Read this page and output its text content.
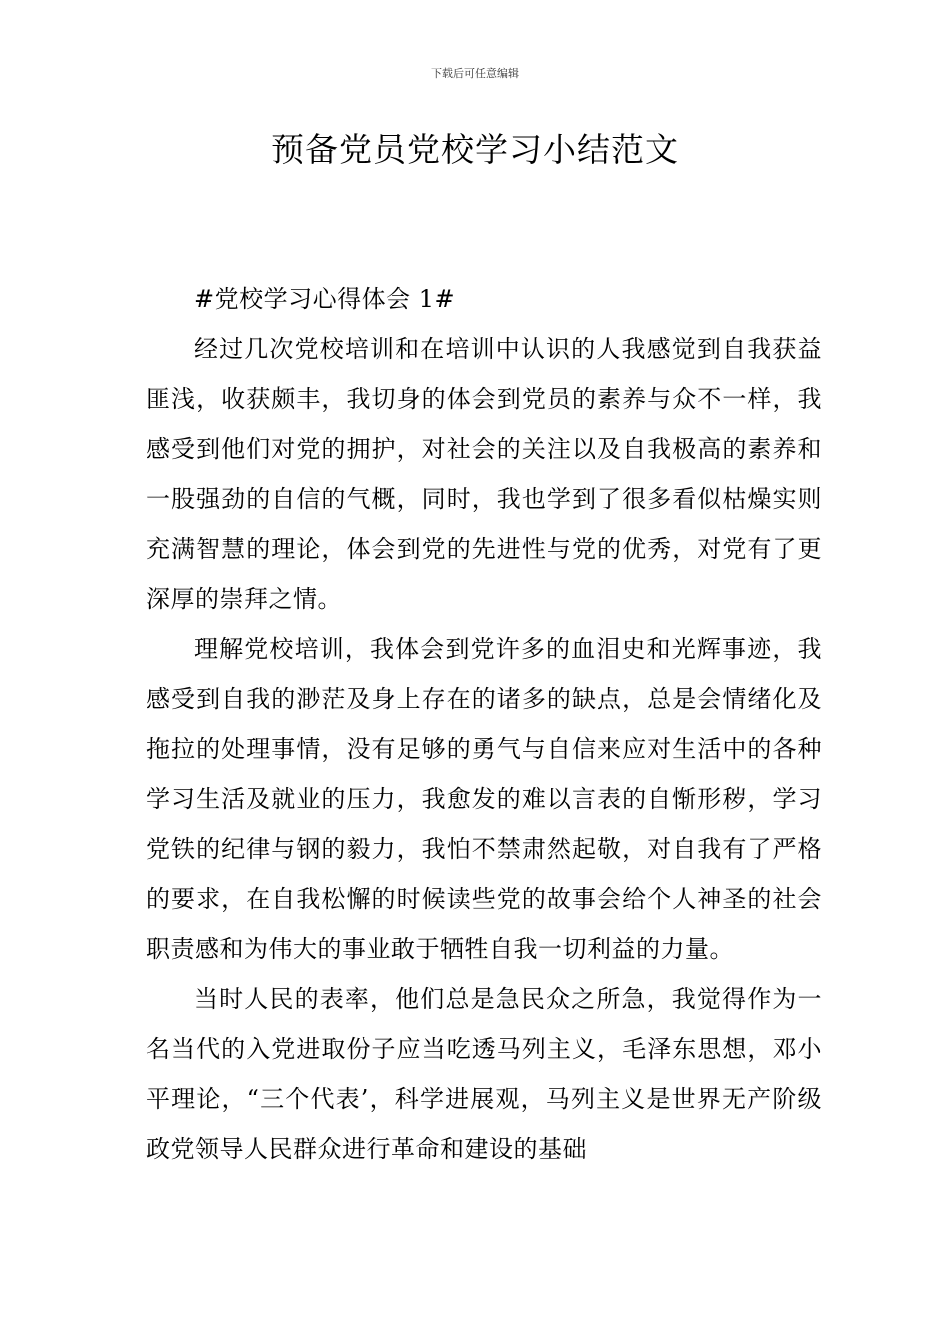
下载后可任意编辑
预备党员党校学习小结范文

#党校学习心得体会 1#

经过几次党校培训和在培训中认识的人我感觉到自我获益匪浅，收获颇丰，我切身的体会到党员的素养与众不一样，我感受到他们对党的拥护，对社会的关注以及自我极高的素养和一股强劲的自信的气概，同时，我也学到了很多看似枯燥实则充满智慧的理论，体会到党的先进性与党的优秀，对党有了更深厚的崇拜之情。

理解党校培训，我体会到党许多的血泪史和光辉事迹，我感受到自我的渺茫及身上存在的诸多的缺点，总是会情绪化及拖拉的处理事情，没有足够的勇气与自信来应对生活中的各种学习生活及就业的压力，我愈发的难以言表的自惭形秽，学习党铁的纪律与钢的毅力，我怕不禁肃然起敬，对自我有了严格的要求，在自我松懈的时候读些党的故事会给个人神圣的社会职责感和为伟大的事业敢于牺牲自我一切利益的力量。

当时人民的表率，他们总是急民众之所急，我觉得作为一名当代的入党进取份子应当吃透马列主义，毛泽东思想，邓小平理论，“三个代表’，科学进展观，马列主义是世界无产阶级政党领导人民群众进行革命和建设的基础
